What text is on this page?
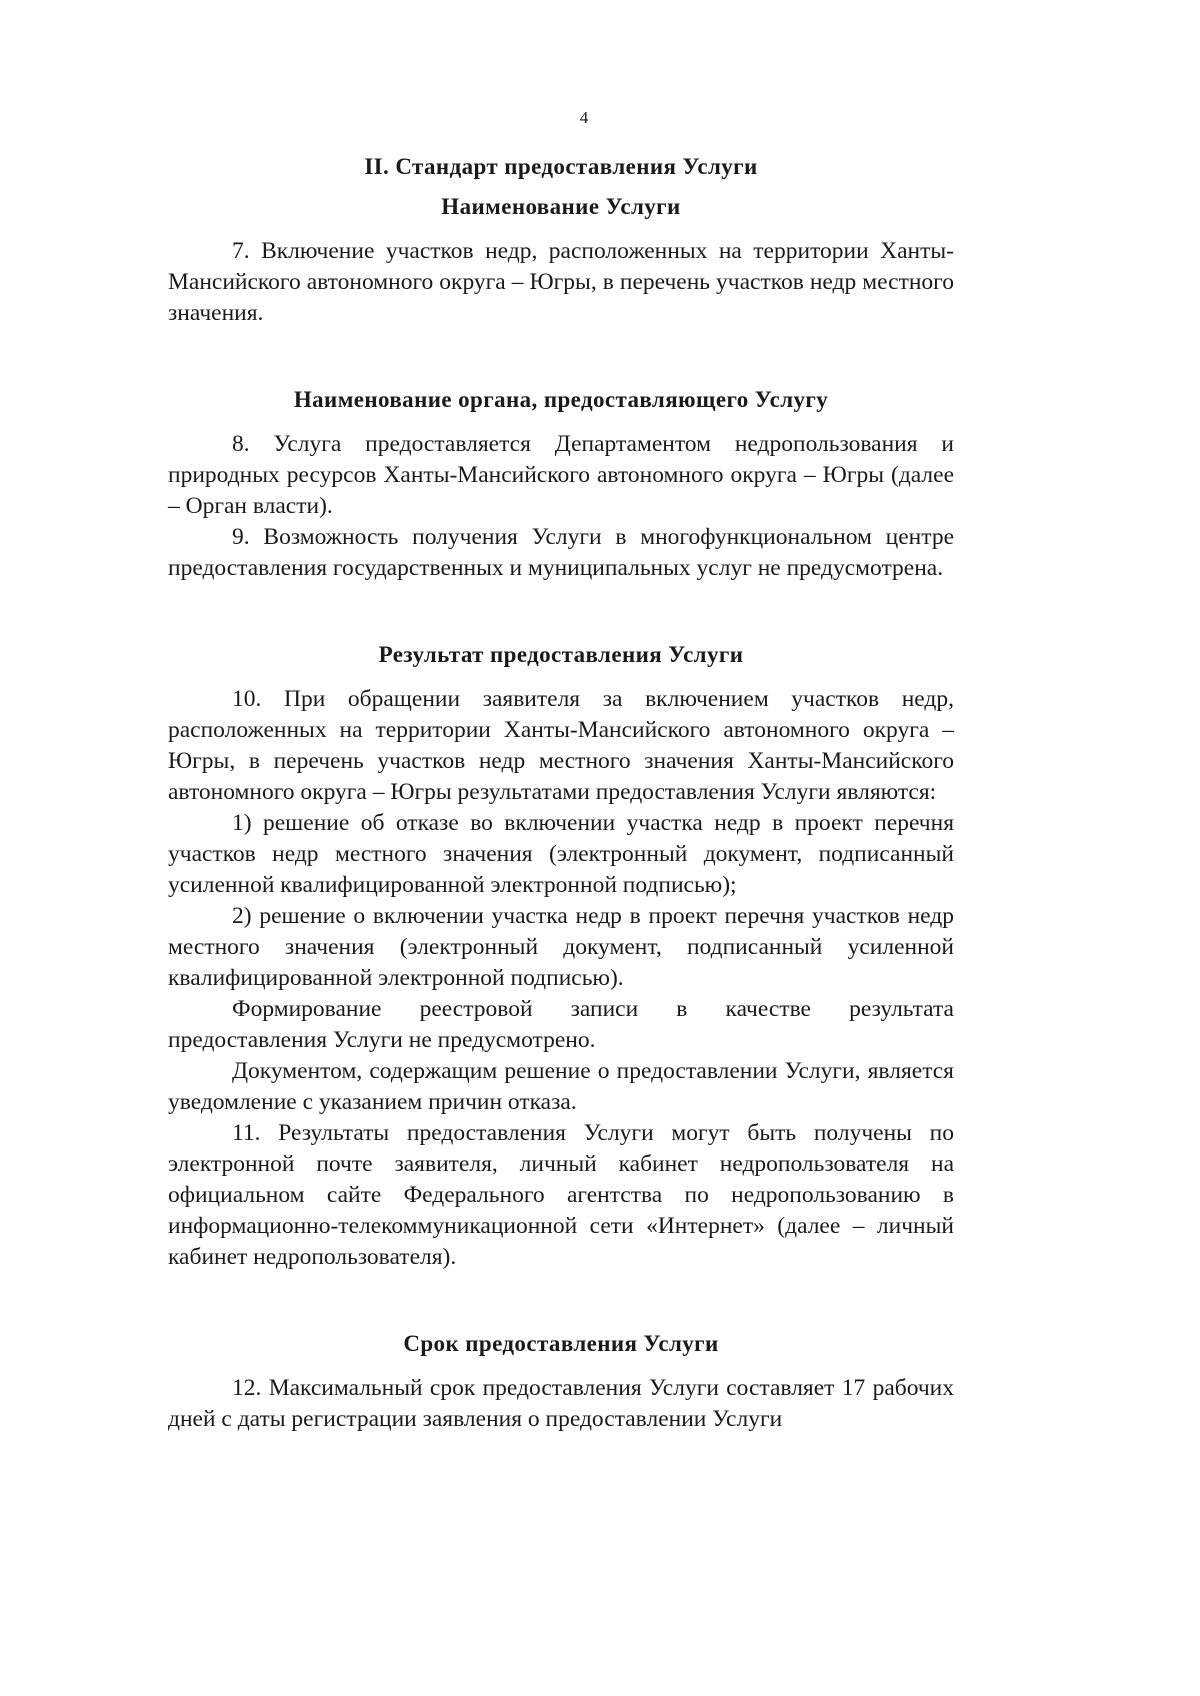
4
II. Стандарт предоставления Услуги
Наименование Услуги

7. Включение участков недр, расположенных на территории Ханты-Мансийского автономного округа – Югры, в перечень участков недр местного значения.

Наименование органа, предоставляющего Услугу

8. Услуга предоставляется Департаментом недропользования и природных ресурсов Ханты-Мансийского автономного округа – Югры (далее – Орган власти).

9. Возможность получения Услуги в многофункциональном центре предоставления государственных и муниципальных услуг не предусмотрена.

Результат предоставления Услуги

10. При обращении заявителя за включением участков недр, расположенных на территории Ханты-Мансийского автономного округа – Югры, в перечень участков недр местного значения Ханты-Мансийского автономного округа – Югры результатами предоставления Услуги являются:

1) решение об отказе во включении участка недр в проект перечня участков недр местного значения (электронный документ, подписанный усиленной квалифицированной электронной подписью);

2) решение о включении участка недр в проект перечня участков недр местного значения (электронный документ, подписанный усиленной квалифицированной электронной подписью).

Формирование реестровой записи в качестве результата предоставления Услуги не предусмотрено.

Документом, содержащим решение о предоставлении Услуги, является уведомление с указанием причин отказа.

11. Результаты предоставления Услуги могут быть получены по электронной почте заявителя, личный кабинет недропользователя на официальном сайте Федерального агентства по недропользованию в информационно-телекоммуникационной сети «Интернет» (далее – личный кабинет недропользователя).

Срок предоставления Услуги

12. Максимальный срок предоставления Услуги составляет 17 рабочих дней с даты регистрации заявления о предоставлении Услуги
